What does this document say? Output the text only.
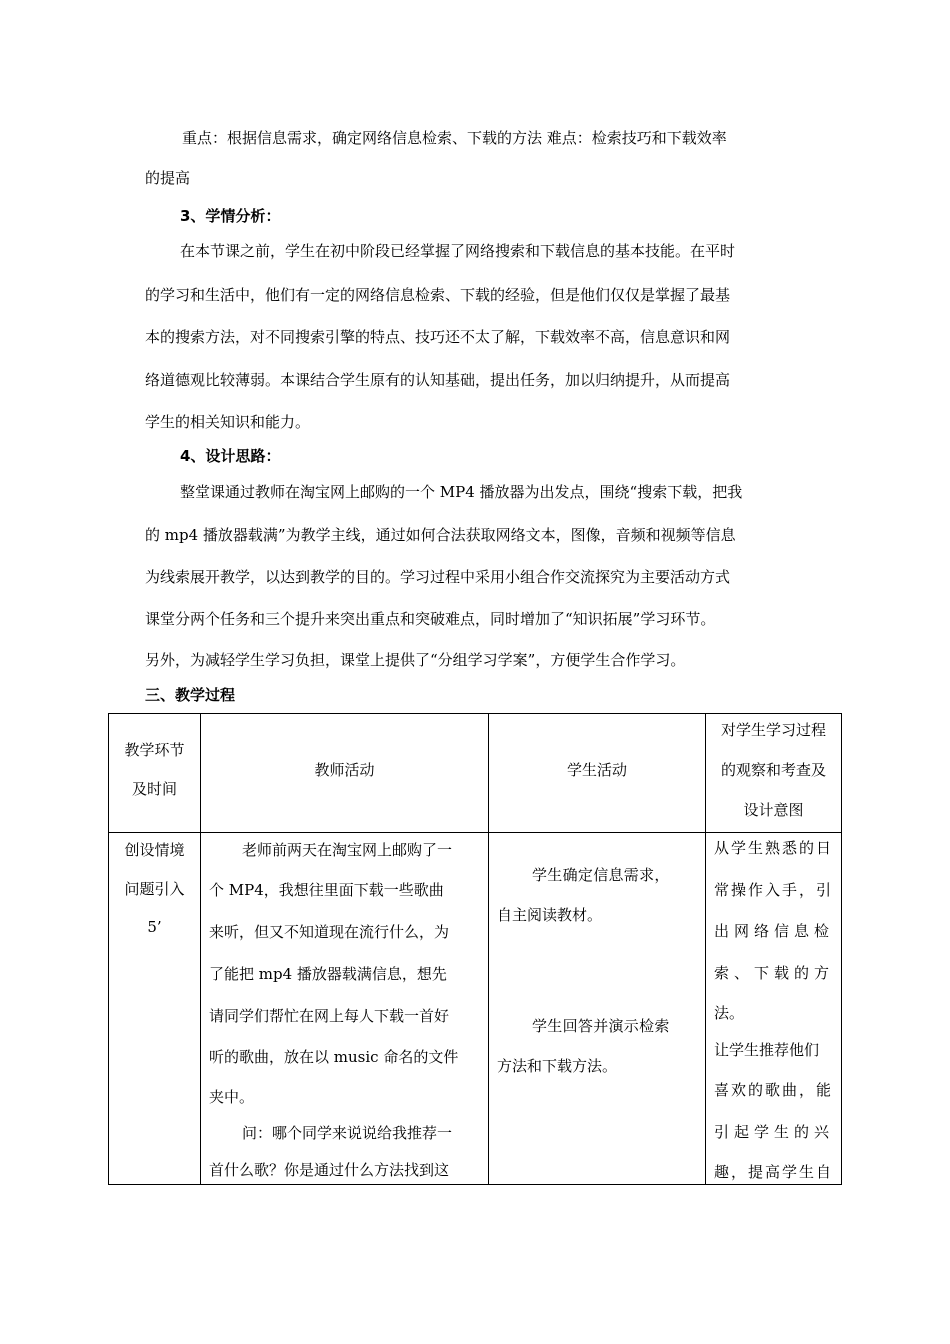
重点：根据信息需求，确定网络信息检索、下载的方法 难点：检索技巧和下载效率
的提高
3、学情分析：
在本节课之前，学生在初中阶段已经掌握了网络搜索和下载信息的基本技能。在平时
的学习和生活中，他们有一定的网络信息检索、下载的经验，但是他们仅仅是掌握了最基
本的搜索方法，对不同搜索引擎的特点、技巧还不太了解，下载效率不高，信息意识和网
络道德观比较薄弱。本课结合学生原有的认知基础，提出任务，加以归纳提升，从而提高
学生的相关知识和能力。
4、设计思路：
整堂课通过教师在淘宝网上邮购的一个 MP4 播放器为出发点，围绕“搜索下载，把我
的 mp4 播放器载满”为教学主线，通过如何合法获取网络文本，图像，音频和视频等信息
为线索展开教学，以达到教学的目的。学习过程中采用小组合作交流探究为主要活动方式
课堂分两个任务和三个提升来突出重点和突破难点，同时增加了“知识拓展”学习环节。
另外，为减轻学生学习负担，课堂上提供了“分组学习学案”，方便学生合作学习。
三、教学过程
教学环节
及时间
教师活动	学生活动
对学生学习过程
的观察和考查及
设计意图
创设情境
问题引入
5’
老师前两天在淘宝网上邮购了一
个 MP4，我想往里面下载一些歌曲
来听，但又不知道现在流行什么，为
了能把 mp4 播放器载满信息，想先
请同学们帮忙在网上每人下载一首好
听的歌曲，放在以 music 命名的文件
夹中。
问：哪个同学来说说给我推荐一
首什么歌？你是通过什么方法找到这
学生确定信息需求，
自主阅读教材。
学生回答并演示检索
方法和下载方法。
从学生熟悉的日
常操作入手，引
出网络信息检
索、下载的方
法。
让学生推荐他们
喜欢的歌曲，能
引起学生的兴
趣，提高学生自
